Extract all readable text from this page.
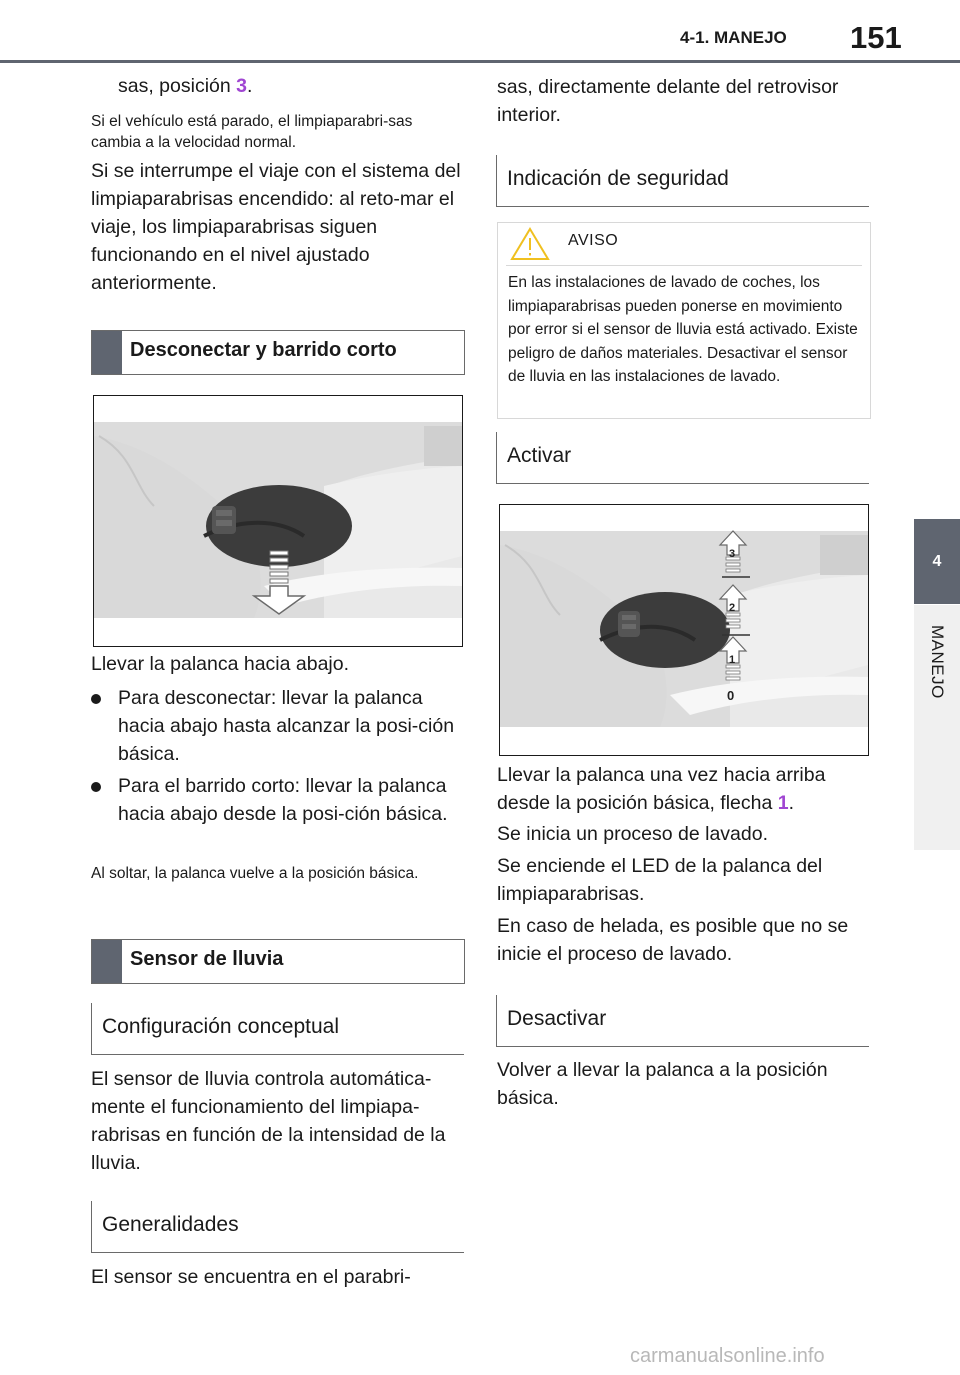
4-1. MANEJO 151
4
MANEJO
sas, posición 3.
Si el vehículo está parado, el limpiaparabri-sas cambia a la velocidad normal.
Si se interrumpe el viaje con el sistema del limpiaparabrisas encendido: al reto-mar el viaje, los limpiaparabrisas siguen funcionando en el nivel ajustado anteriormente.
Desconectar y barrido corto
Llevar la palanca hacia abajo.
Para desconectar: llevar la palanca hacia abajo hasta alcanzar la posi-ción básica.
Para el barrido corto: llevar la palanca hacia abajo desde la posi-ción básica.
Al soltar, la palanca vuelve a la posición básica.
Sensor de lluvia
Configuración conceptual
El sensor de lluvia controla automática-mente el funcionamiento del limpiapa-rabrisas en función de la intensidad de la lluvia.
Generalidades
El sensor se encuentra en el parabri-
sas, directamente delante del retrovisor interior.
Indicación de seguridad
AVISO
En las instalaciones de lavado de coches, los limpiaparabrisas pueden ponerse en movimiento por error si el sensor de lluvia está activado. Existe peligro de daños materiales. Desactivar el sensor de lluvia en las instalaciones de lavado.
Activar
3
2
1
0
Llevar la palanca una vez hacia arriba desde la posición básica, flecha 1.
Se inicia un proceso de lavado.
Se enciende el LED de la palanca del limpiaparabrisas.
En caso de helada, es posible que no se inicie el proceso de lavado.
Desactivar
Volver a llevar la palanca a la posición básica.
carmanualsonline.info
